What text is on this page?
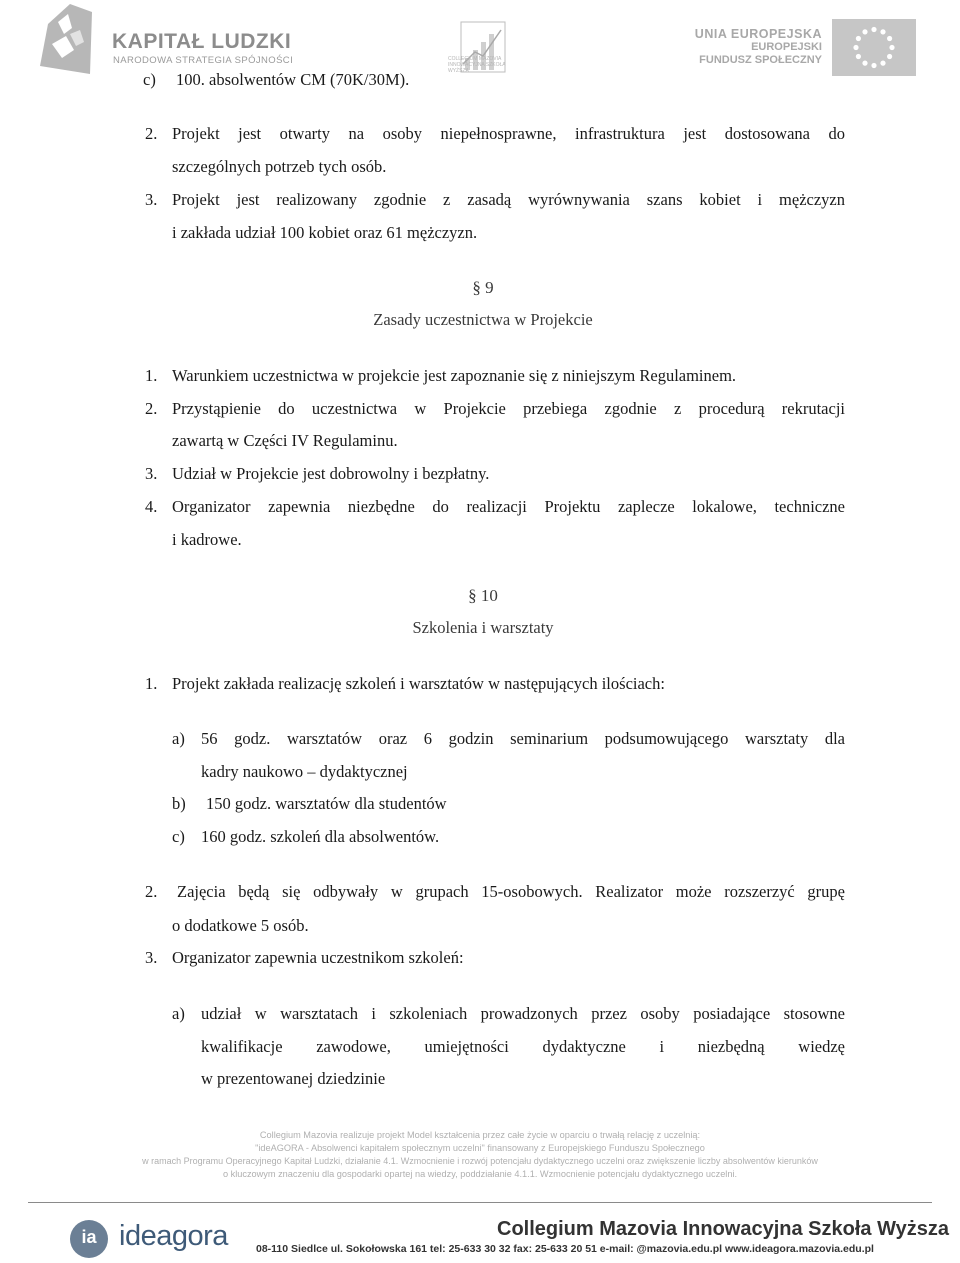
KAPITAŁ LUDZKI
NARODOWA STRATEGIA SPÓJNOŚCI	COLLEGIUM MAZOVIA INNOWACYJNA SZKOŁA WYŻSZA
UNIA EUROPEJSKA
EUROPEJSKI
FUNDUSZ SPOŁECZNY
c) 100. absolwentów CM (70K/30M).
2. Projekt jest otwarty na osoby niepełnosprawne, infrastruktura jest dostosowana do
szczególnych potrzeb tych osób.
3. Projekt jest realizowany zgodnie z zasadą wyrównywania szans kobiet i mężczyzn
i zakłada udział 100 kobiet oraz 61 mężczyzn.
§ 9
Zasady uczestnictwa w Projekcie
1. Warunkiem uczestnictwa w projekcie jest zapoznanie się z niniejszym Regulaminem.
2. Przystąpienie do uczestnictwa w Projekcie przebiega zgodnie z procedurą rekrutacji
zawartą w Części IV Regulaminu.
3. Udział w Projekcie jest dobrowolny i bezpłatny.
4. Organizator zapewnia niezbędne do realizacji Projektu zaplecze lokalowe, techniczne
i kadrowe.
§ 10
Szkolenia i warsztaty
1. Projekt zakłada realizację szkoleń i warsztatów w następujących ilościach:
a) 56 godz. warsztatów oraz 6 godzin seminarium podsumowującego warsztaty dla
kadry naukowo – dydaktycznej
b) 150 godz. warsztatów dla studentów
c) 160 godz. szkoleń dla absolwentów.
2. Zajęcia będą się odbywały w grupach 15-osobowych. Realizator może rozszerzyć grupę
o dodatkowe 5 osób.
3. Organizator zapewnia uczestnikom szkoleń:
a) udział w warsztatach i szkoleniach prowadzonych przez osoby posiadające stosowne
kwalifikacje zawodowe, umiejętności dydaktyczne i niezbędną wiedzę
w prezentowanej dziedzinie
Collegium Mazovia realizuje projekt Model kształcenia przez całe życie w oparciu o trwałą relację z uczelnią:
"ideAGORA - Absolwenci kapitałem społecznym uczelni" finansowany z Europejskiego Funduszu Społecznego
w ramach Programu Operacyjnego Kapitał Ludzki, działanie 4.1. Wzmocnienie i rozwój potencjału dydaktycznego uczelni oraz zwiększenie liczby absolwentów kierunków
o kluczowym znaczeniu dla gospodarki opartej na wiedzy, poddziałanie 4.1.1. Wzmocnienie potencjału dydaktycznego uczelni.
ia ideagora	Collegium Mazovia Innowacyjna Szkoła Wyższa
08-110 Siedlce ul. Sokołowska 161 tel: 25-633 30 32 fax: 25-633 20 51 e-mail: @mazovia.edu.pl www.ideagora.mazovia.edu.pl
